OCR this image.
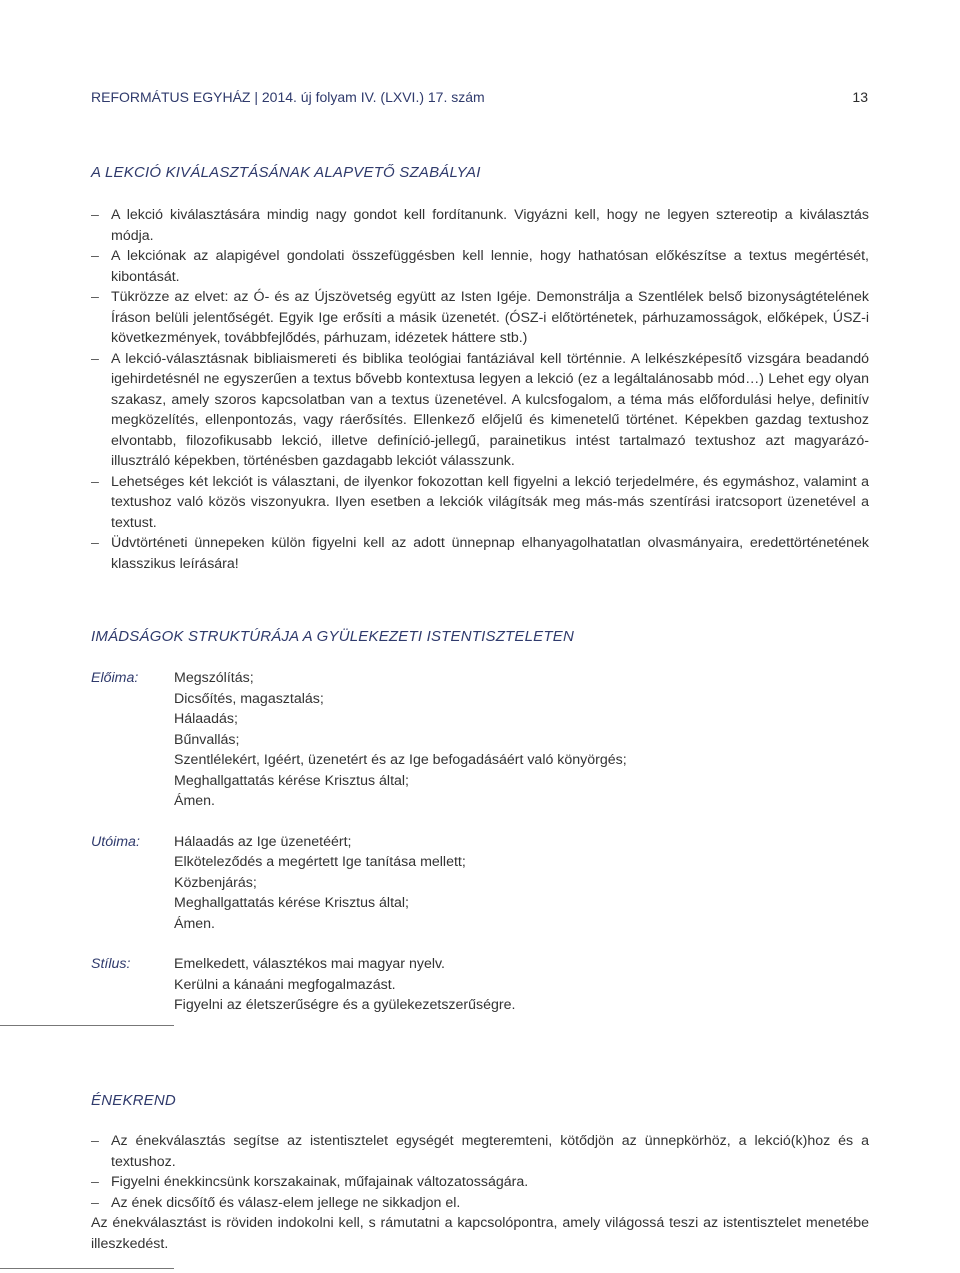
REFORMÁTUS EGYHÁZ | 2014. új folyam IV. (LXVI.) 17. szám	13
A LEKCIÓ KIVÁLASZTÁSÁNAK ALAPVETŐ SZABÁLYAI
– A lekció kiválasztására mindig nagy gondot kell fordítanunk. Vigyázni kell, hogy ne legyen sztereotip a kiválasztás módja.
– A lekciónak az alapigével gondolati összefüggésben kell lennie, hogy hathatósan előkészítse a textus megértését, kibontását.
– Tükrözze az elvet: az Ó- és az Újszövetség együtt az Isten Igéje. Demonstrálja a Szentlélek belső bizonyságtételének Íráson belüli jelentőségét. Egyik Ige erősíti a másik üzenetét. (ÓSZ-i előtörténetek, párhuzamosságok, előképek, ÚSZ-i következmények, továbbfejlődés, párhuzam, idézetek háttere stb.)
– A lekció-választásnak bibliaismereti és biblika teológiai fantáziával kell történnie. A lelkészképesítő vizsgára beadandó igehirdetésnél ne egyszerűen a textus bővebb kontextusa legyen a lekció (ez a legáltalánosabb mód…) Lehet egy olyan szakasz, amely szoros kapcsolatban van a textus üzenetével. A kulcsfogalom, a téma más előfordulási helye, definitív megközelítés, ellenpontozás, vagy ráerősítés. Ellenkező előjelű és kimenetelű történet. Képekben gazdag textushoz elvontabb, filozofikusabb lekció, illetve definíció-jellegű, parainetikus intést tartalmazó textushoz azt magyarázó-illusztráló képekben, történésben gazdagabb lekciót válasszunk.
– Lehetséges két lekciót is választani, de ilyenkor fokozottan kell figyelni a lekció terjedelmére, és egymáshoz, valamint a textushoz való közös viszonyukra. Ilyen esetben a lekciók világítsák meg más-más szentírási iratcsoport üzenetével a textust.
– Üdvtörténeti ünnepeken külön figyelni kell az adott ünnepnap elhanyagolhatatlan olvasmányaira, eredettörténetének klasszikus leírására!
IMÁDSÁGOK STRUKTÚRÁJA A GYÜLEKEZETI ISTENTISZTELETEN
Előima:	Megszólítás;
Dicsőítés, magasztalás;
Hálaadás;
Bűnvallás;
Szentlélekért, Igéért, üzenetért és az Ige befogadásáért való könyörgés;
Meghallgattatás kérése Krisztus által;
Ámen.
Utóima: Hálaadás az Ige üzenetéért;
Elköteleződés a megértett Ige tanítása mellett;
Közbenjárás;
Meghallgattatás kérése Krisztus által;
Ámen.
Stílus:	Emelkedett, választékos mai magyar nyelv.
Kerülni a kánaáni megfogalmazást.
Figyelni az életszerűségre és a gyülekezetszerűségre.
ÉNEKREND
– Az énekválasztás segítse az istentisztelet egységét megteremteni, kötődjön az ünnepkörhöz, a lekció(k)hoz és a textushoz.
– Figyelni énekkincsünk korszakainak, műfajainak változatosságára.
– Az ének dicsőítő és válasz-elem jellege ne sikkadjon el.
Az énekválasztást is röviden indokolni kell, s rámutatni a kapcsolópontra, amely világossá teszi az istentisztelet menetébe illeszkedést.
